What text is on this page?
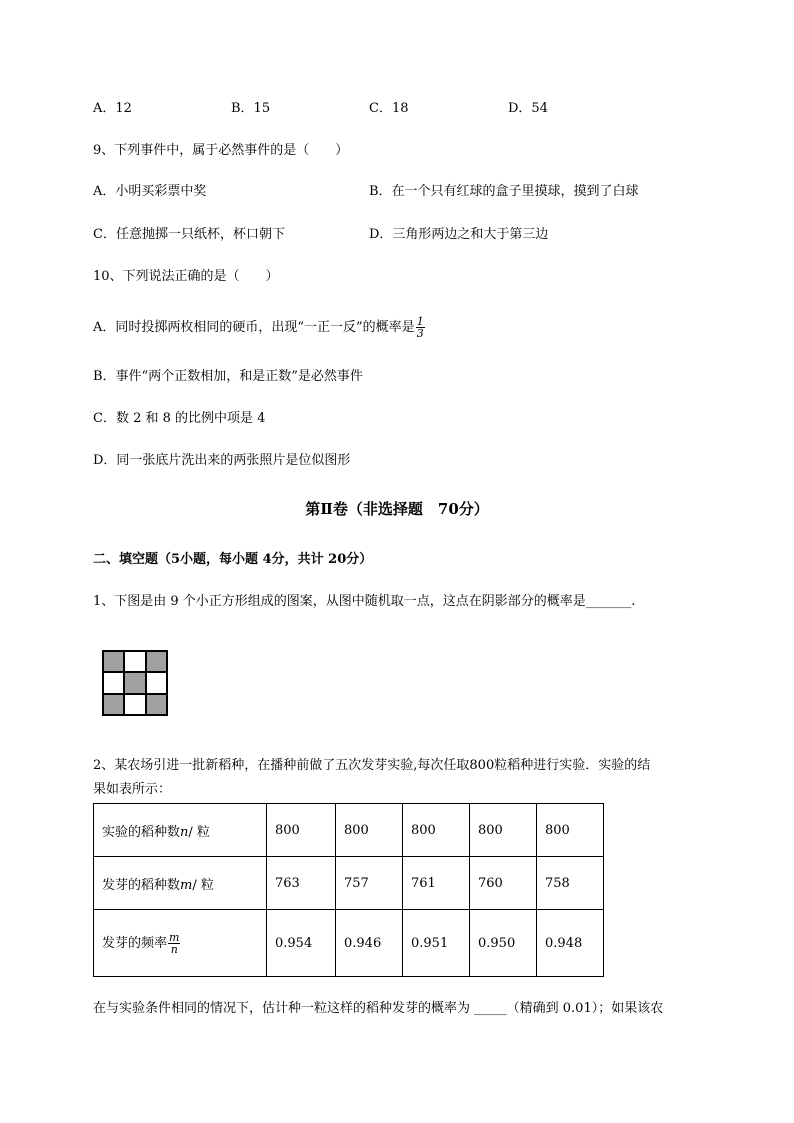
A．12	B．15	C．18	D．54
9、下列事件中，属于必然事件的是（　　）
A．小明买彩票中奖	B．在一个只有红球的盒子里摸球，摸到了白球
C．任意抛掷一只纸杯，杯口朝下	D．三角形两边之和大于第三边
10、下列说法正确的是（　　）
A．同时投掷两枚相同的硬币，出现“一正一反”的概率是 $\frac{1}{3}$
B．事件“两个正数相加，和是正数”是必然事件
C．数 2 和 8 的比例中项是 4
D．同一张底片洗出来的两张照片是位似图形
第Ⅱ卷（非选择题　70分）
二、填空题（5小题，每小题 4分，共计 20分）
1、下图是由 9 个小正方形组成的图案，从图中随机取一点，这点在阴影部分的概率是_______.
2、某农场引进一批新稻种，在播种前做了五次发芽实验,每次任取800粒稻种进行实验．实验的结
果如表所示：
实验的稻种数n/ 粒	800	800	800	800	800
发芽的稻种数m/ 粒	763	757	761	760	758
发芽的频率 $\frac{m}{n}$	0.954	0.946	0.951	0.950	0.948
在与实验条件相同的情况下，估计种一粒这样的稻种发芽的概率为 _____（精确到 0.01）；如果该农
